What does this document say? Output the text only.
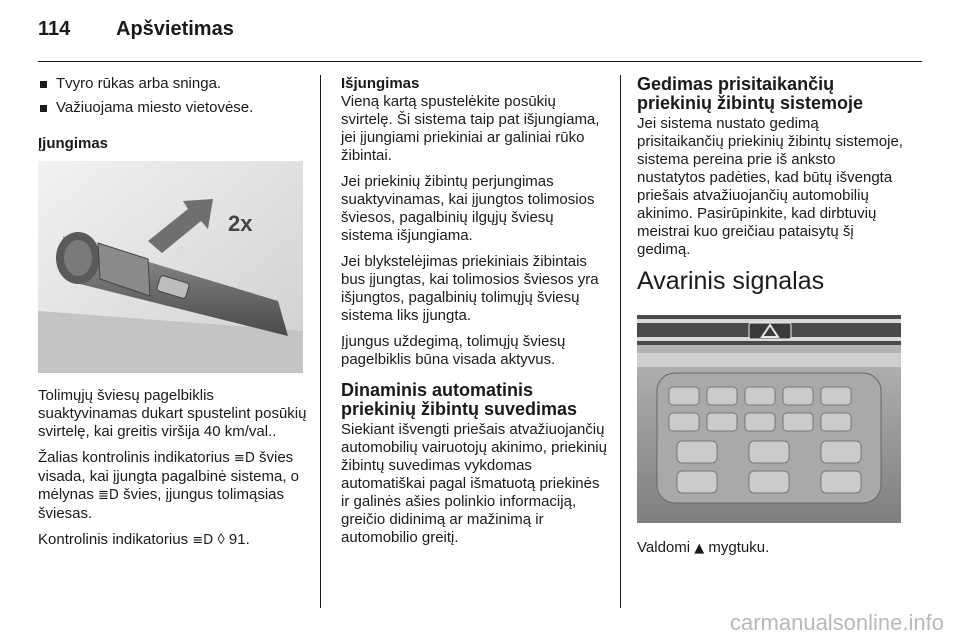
114 Apšvietimas
Tvyro rūkas arba sninga.
Važiuojama miesto vietovėse.

Įjungimas

2x

Tolimųjų šviesų pagelbiklis suaktyvinamas dukart spustelint posūkių svirtelę, kai greitis viršija 40 km/val..

Žalias kontrolinis indikatorius ≡D švies visada, kai įjungta pagalbinė sistema, o mėlynas ≣D švies, įjungus tolimąsias šviesas.

Kontrolinis indikatorius ≡D ◊ 91.

Išjungimas

Vieną kartą spustelėkite posūkių svirtelę. Ši sistema taip pat išjungiama, jei įjungiami priekiniai ar galiniai rūko žibintai.

Jei priekinių žibintų perjungimas suaktyvinamas, kai įjungtos tolimosios šviesos, pagalbinių ilgųjų šviesų sistema išjungiama.

Jei blykstelėjimas priekiniais žibintais bus įjungtas, kai tolimosios šviesos yra išjungtos, pagalbinių tolimųjų šviesų sistema liks įjungta.

Įjungus uždegimą, tolimųjų šviesų pagelbiklis būna visada aktyvus.

Dinaminis automatinis priekinių žibintų suvedimas

Siekiant išvengti priešais atvažiuojančių automobilių vairuotojų akinimo, priekinių žibintų suvedimas vykdomas automatiškai pagal išmatuotą priekinės ir galinės ašies polinkio informaciją, greičio didinimą ar mažinimą ir automobilio greitį.

Gedimas prisitaikančių priekinių žibintų sistemoje

Jei sistema nustato gedimą prisitaikančių priekinių žibintų sistemoje, sistema pereina prie iš anksto nustatytos padėties, kad būtų išvengta priešais atvažiuojančių automobilių akinimo. Pasirūpinkite, kad dirbtuvių meistrai kuo greičiau pataisytų šį gedimą.

Avarinis signalas

Valdomi ▲ mygtuku.

carmanualsonline.info
